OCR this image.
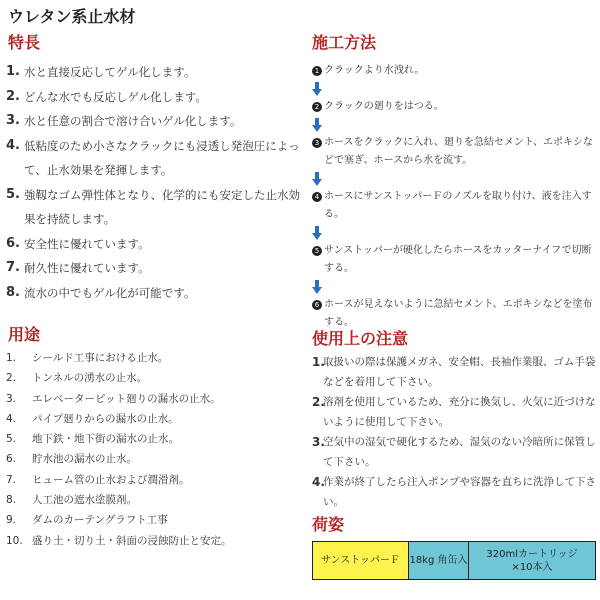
ウレタン系止水材
特長
1. 水と直接反応してゲル化します。
2. どんな水でも反応しゲル化します。
3. 水と任意の割合で溶け合いゲル化します。
4. 低粘度のため小さなクラックにも浸透し発泡圧によって、止水効果を発揮します。
5. 強靱なゴム弾性体となり、化学的にも安定した止水効果を持続します。
6. 安全性に優れています。
7. 耐久性に優れています。
8. 流水の中でもゲル化が可能です。
用途
1.	シールド工事における止水。
2.	トンネルの湧水の止水。
3.	エレベーターピット廻りの漏水の止水。
4.	パイプ廻りからの漏水の止水。
5.	地下鉄・地下街の漏水の止水。
6.	貯水池の漏水の止水。
7.	ヒューム管の止水および潤滑剤。
8.	人工池の遮水塗膜剤。
9.	ダムのカーテングラフト工事
10. 盛り土・切り土・斜面の浸蝕防止と安定。
施工方法
1 クラックより水洩れ。
2 クラックの廻りをはつる。
3 ホースをクラックに入れ、廻りを急結セメント、エポキシなどで塞ぎ、ホースから水を流す。
4 ホースにサンストッパーＦのノズルを取り付け、液を注入する。
5 サンストッパーが硬化したらホースをカッターナイフで切断する。
6 ホースが見えないように急結セメント、エポキシなどを塗布する。
使用上の注意
1.
取扱いの際は保護メガネ、安全帽、長袖作業服、ゴム手袋などを着用して下さい。
2.
溶剤を使用しているため、充分に換気し、火気に近づけないように使用して下さい。
3.
空気中の湿気で硬化するため、湿気のない冷暗所に保管して下さい。
4.
作業が終了したら注入ポンプや容器を直ちに洗浄して下さい。
荷姿
サンストッパーＦ 18kg 角缶入
320mlカートリッジ
×10本入
